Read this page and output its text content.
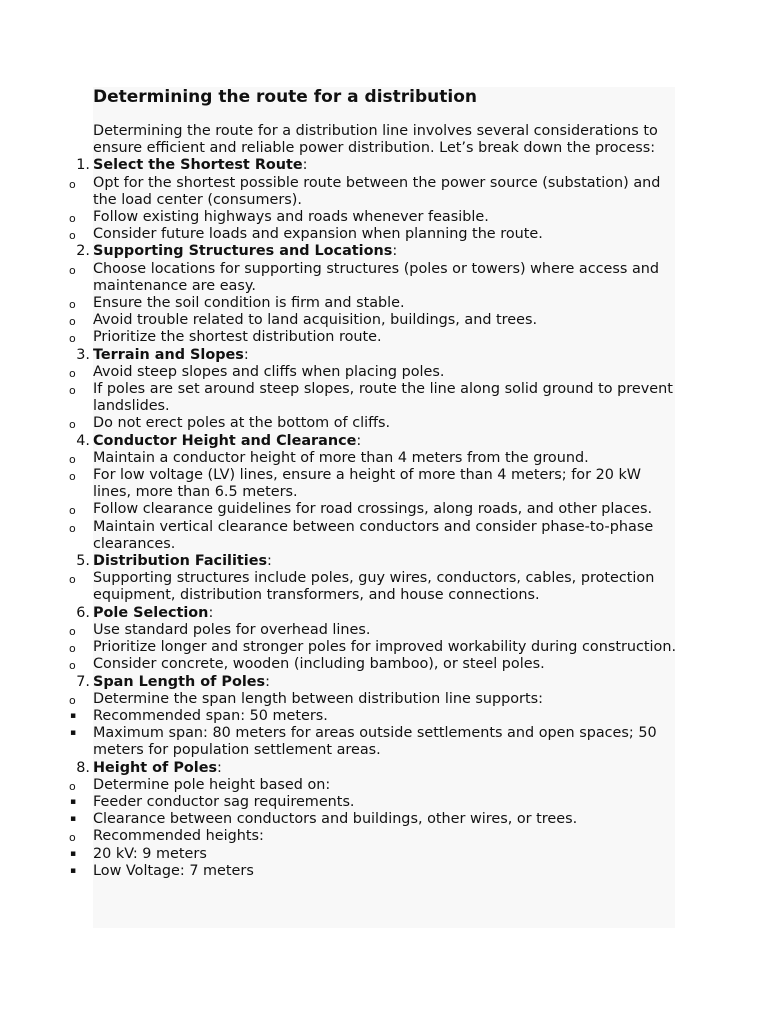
Determining the route for a distribution
Determining the route for a distribution line involves several considerations to ensure efficient and reliable power distribution. Let’s break down the process:
1. Select the Shortest Route:
o	Opt for the shortest possible route between the power source (substation) and the load center (consumers).
o	Follow existing highways and roads whenever feasible.
o	Consider future loads and expansion when planning the route.
2. Supporting Structures and Locations:
o	Choose locations for supporting structures (poles or towers) where access and maintenance are easy.
o	Ensure the soil condition is firm and stable.
o	Avoid trouble related to land acquisition, buildings, and trees.
o	Prioritize the shortest distribution route.
3. Terrain and Slopes:
o	Avoid steep slopes and cliffs when placing poles.
o	If poles are set around steep slopes, route the line along solid ground to prevent landslides.
o	Do not erect poles at the bottom of cliffs.
4. Conductor Height and Clearance:
o	Maintain a conductor height of more than 4 meters from the ground.
o	For low voltage (LV) lines, ensure a height of more than 4 meters; for 20 kW lines, more than 6.5 meters.
o	Follow clearance guidelines for road crossings, along roads, and other places.
o	Maintain vertical clearance between conductors and consider phase-to-phase clearances.
5. Distribution Facilities:
o	Supporting structures include poles, guy wires, conductors, cables, protection equipment, distribution transformers, and house connections.
6. Pole Selection:
o	Use standard poles for overhead lines.
o	Prioritize longer and stronger poles for improved workability during construction.
o	Consider concrete, wooden (including bamboo), or steel poles.
7. Span Length of Poles:
o	Determine the span length between distribution line supports:
▪	Recommended span: 50 meters.
▪	Maximum span: 80 meters for areas outside settlements and open spaces; 50 meters for population settlement areas.
8. Height of Poles:
o	Determine pole height based on:
▪	Feeder conductor sag requirements.
▪	Clearance between conductors and buildings, other wires, or trees.
o	Recommended heights:
▪	20 kV: 9 meters
▪	Low Voltage: 7 meters
